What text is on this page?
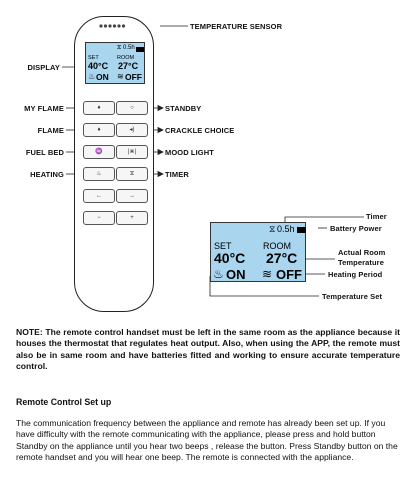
⧖ 0.5h
SET	ROOM
40°C 27°C
♨ ON ≋ OFF
♦	○
♦	◂)
♒	|⋇|
♨	⧖
←	→
−	+
TEMPERATURE SENSOR
DISPLAY
MY FLAME
FLAME
FUEL BED
HEATING
STANDBY
CRACKLE CHOICE
MOOD LIGHT
TIMER
⧖ 0.5h
SET	ROOM
40°C 27°C
♨ ON ≋ OFF
Timer
Battery Power
Actual Room
Temperature
Heating Period
Temperature Set
NOTE: The remote control handset must be left in the same room as the appliance because it houses the thermostat that regulates heat output. Also, when using the APP, the remote must also be in same room and have batteries fitted and working to ensure accurate temperature control.
Remote Control Set up
The communication frequency between the appliance and remote has already been set up. If you have difficulty with the remote communicating with the appliance, please press and hold button Standby on the appliance until you hear two beeps , release the button. Press Standby button on the remote handset and you will hear one beep. The remote is connected with the appliance.
